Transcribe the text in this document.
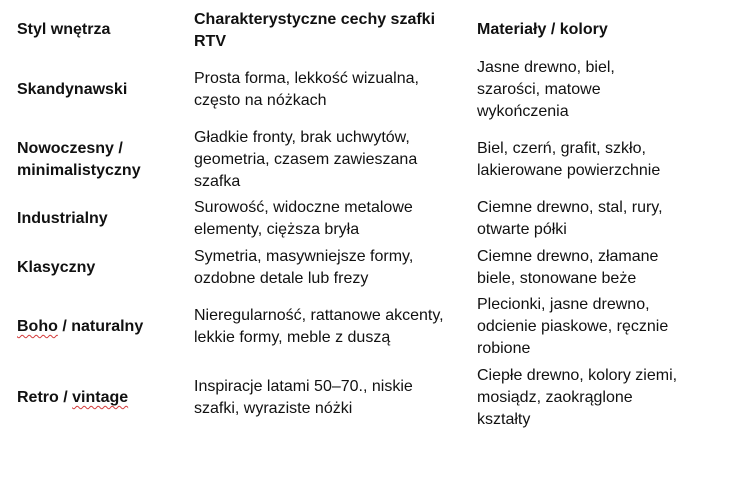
Styl wnętrza
Charakterystyczne cechy szafki
RTV
Materiały / kolory
Skandynawski
Prosta forma, lekkość wizualna,
często na nóżkach
Jasne drewno, biel,
szarości, matowe
wykończenia
Nowoczesny /
minimalistyczny
Gładkie fronty, brak uchwytów,
geometria, czasem zawieszana
szafka
Biel, czerń, grafit, szkło,
lakierowane powierzchnie
Industrialny
Surowość, widoczne metalowe
elementy, cięższa bryła
Ciemne drewno, stal, rury,
otwarte półki
Klasyczny
Symetria, masywniejsze formy,
ozdobne detale lub frezy
Ciemne drewno, złamane
biele, stonowane beże
Boho / naturalny
Nieregularność, rattanowe akcenty,
lekkie formy, meble z duszą
Plecionki, jasne drewno,
odcienie piaskowe, ręcznie
robione
Retro / vintage
Inspiracje latami 50–70., niskie
szafki, wyraziste nóżki
Ciepłe drewno, kolory ziemi,
mosiądz, zaokrąglone
kształty
